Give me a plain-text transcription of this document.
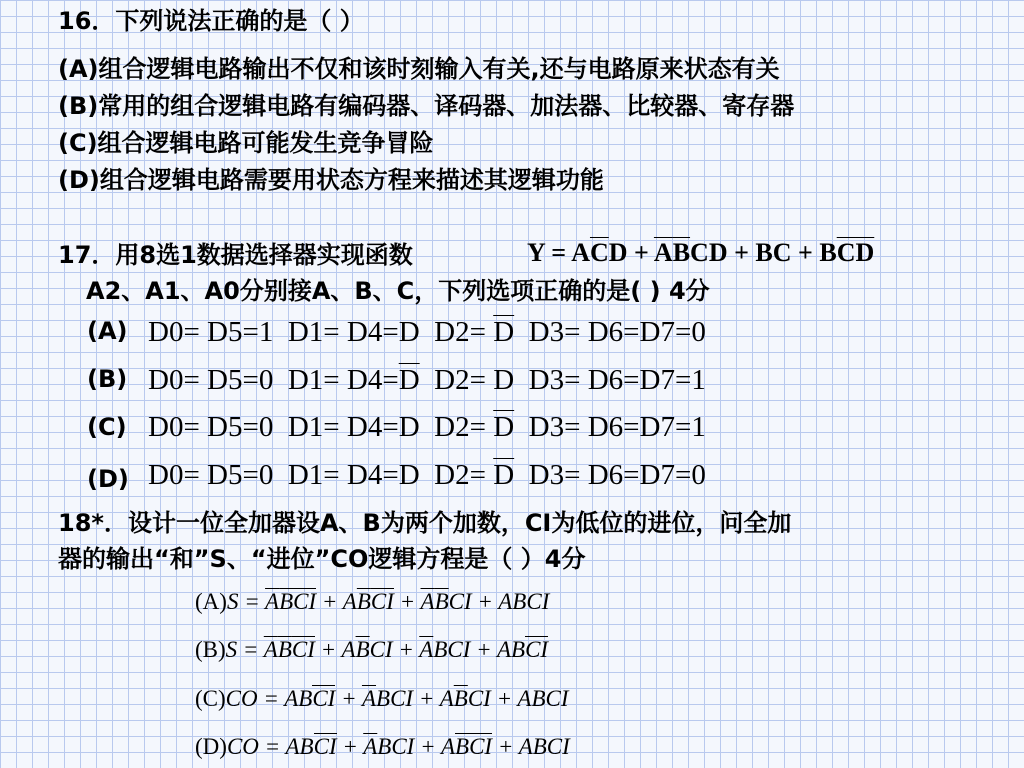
16．下列说法正确的是（ ）
(A)组合逻辑电路输出不仅和该时刻输入有关,还与电路原来状态有关
(B)常用的组合逻辑电路有编码器、译码器、加法器、比较器、寄存器
(C)组合逻辑电路可能发生竞争冒险
(D)组合逻辑电路需要用状态方程来描述其逻辑功能
17．用8选1数据选择器实现函数	$Y = A\overline{C}D + \overline{A}\overline{B}CD$ + BC + $B\overline{C}\overline{D}$
A2、A1、A0分别接A、B、C，下列选项正确的是( ) 4分
(A) D0= D5=1 D1= D4=D $D2= \overline{D}$ D3= D6=D7=0
(B) D0= D5=0 $D1= D4=\overline{D}$ D2= D D3= D6=D7=1
(C) D0= D5=0 D1= D4=D $D2= \overline{D}$ D3= D6=D7=1
(D) D0= D5=0 D1= D4=D $D2= \overline{D}$ D3= D6=D7=0
18*．设计一位全加器设A、B为两个加数，CI为低位的进位，问全加
器的输出“和”S、“进位”CO逻辑方程是（ ）4分
$(A)S = \overline{A}\overline{B}CI + A\overline{B}CI + \overline{A}\overline{B}CI$ + ABCI
$(B)S = \overline{A}\overline{B}CI + A\overline{B}CI + \overline{A}BCI$ + ABCI
(C)CO = ABCI + $\overline{A}BCI + A\overline{B}CI$ + ABCI
(D)CO = ABCI + $\overline{A}BCI + A\overline{B}CI$ + ABCI
